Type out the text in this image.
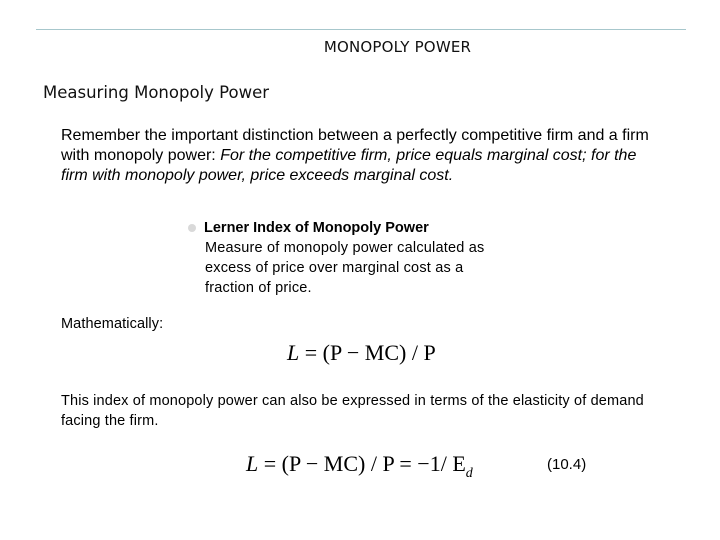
MONOPOLY POWER
Measuring Monopoly Power
Remember the important distinction between a perfectly competitive firm and a firm with monopoly power: For the competitive firm, price equals marginal cost; for the firm with monopoly power, price exceeds marginal cost.
Lerner Index of Monopoly Power
Measure of monopoly power calculated as excess of price over marginal cost as a fraction of price.
Mathematically:
L = (P − MC) / P
This index of monopoly power can also be expressed in terms of the elasticity of demand facing the firm.
L = (P − MC) / P = −1/ $E_d$
(10.4)
